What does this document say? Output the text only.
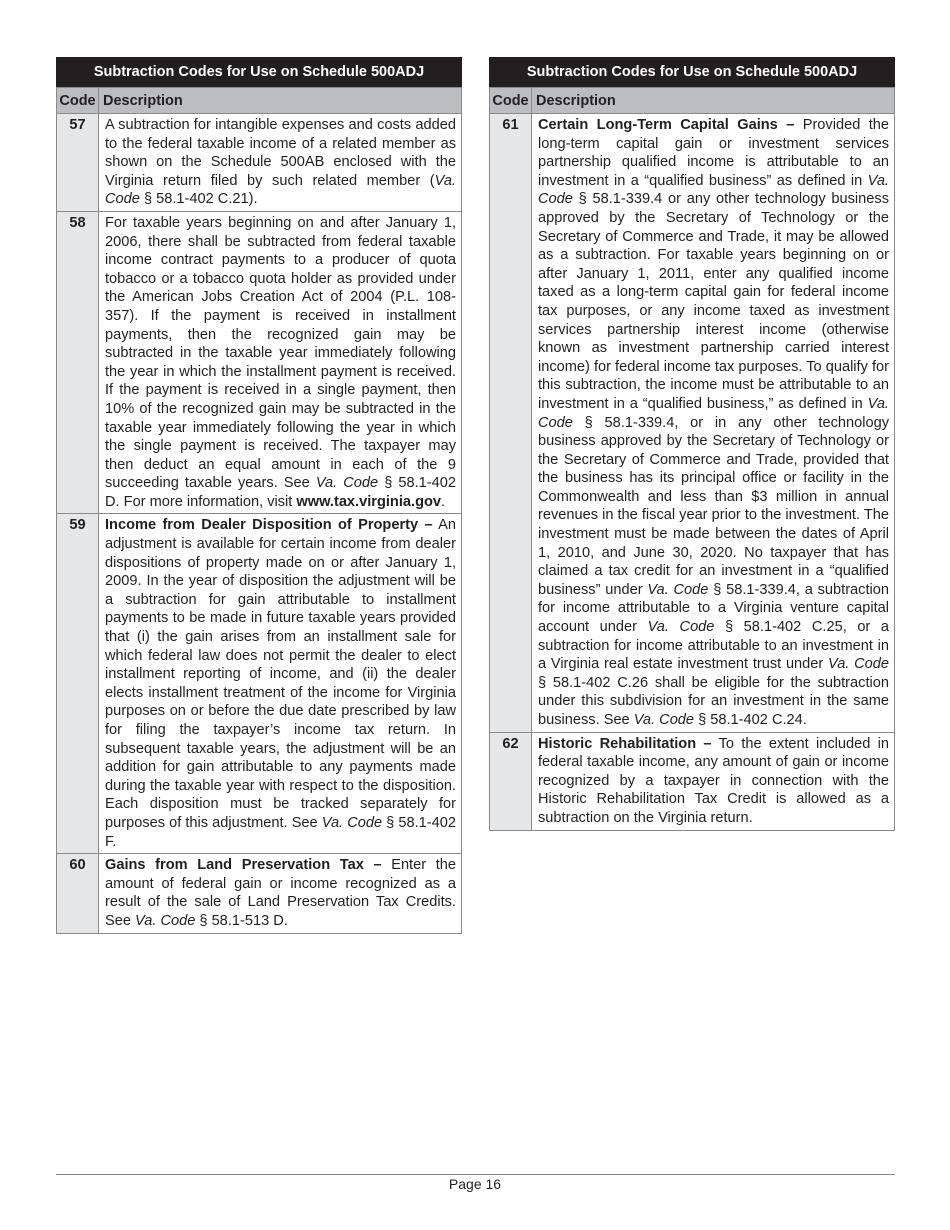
Subtraction Codes for Use on Schedule 500ADJ
Code	Description
57	A subtraction for intangible expenses and costs added to the federal taxable income of a related member as shown on the Schedule 500AB enclosed with the Virginia return filed by such related member (Va. Code § 58.1-402 C.21).
58	For taxable years beginning on and after January 1, 2006, there shall be subtracted from federal taxable income contract payments to a producer of quota tobacco or a tobacco quota holder as provided under the American Jobs Creation Act of 2004 (P.L. 108-357). If the payment is received in installment payments, then the recognized gain may be subtracted in the taxable year immediately following the year in which the installment payment is received. If the payment is received in a single payment, then 10% of the recognized gain may be subtracted in the taxable year immediately following the year in which the single payment is received. The taxpayer may then deduct an equal amount in each of the 9 succeeding taxable years. See Va. Code § 58.1-402 D. For more information, visit www.tax.virginia.gov.
59	Income from Dealer Disposition of Property – An adjustment is available for certain income from dealer dispositions of property made on or after January 1, 2009. In the year of disposition the adjustment will be a subtraction for gain attributable to installment payments to be made in future taxable years provided that (i) the gain arises from an installment sale for which federal law does not permit the dealer to elect installment reporting of income, and (ii) the dealer elects installment treatment of the income for Virginia purposes on or before the due date prescribed by law for filing the taxpayer’s income tax return. In subsequent taxable years, the adjustment will be an addition for gain attributable to any payments made during the taxable year with respect to the disposition. Each disposition must be tracked separately for purposes of this adjustment. See Va. Code § 58.1-402 F.
60	Gains from Land Preservation Tax – Enter the amount of federal gain or income recognized as a result of the sale of Land Preservation Tax Credits. See Va. Code § 58.1-513 D.
Subtraction Codes for Use on Schedule 500ADJ
Code	Description
61	Certain Long-Term Capital Gains – Provided the long-term capital gain or investment services partnership qualified income is attributable to an investment in a “qualified business” as defined in Va. Code § 58.1-339.4 or any other technology business approved by the Secretary of Technology or the Secretary of Commerce and Trade, it may be allowed as a subtraction. For taxable years beginning on or after January 1, 2011, enter any qualified income taxed as a long-term capital gain for federal income tax purposes, or any income taxed as investment services partnership interest income (otherwise known as investment partnership carried interest income) for federal income tax purposes. To qualify for this subtraction, the income must be attributable to an investment in a “qualified business,” as defined in Va. Code § 58.1-339.4, or in any other technology business approved by the Secretary of Technology or the Secretary of Commerce and Trade, provided that the business has its principal office or facility in the Commonwealth and less than $3 million in annual revenues in the fiscal year prior to the investment. The investment must be made between the dates of April 1, 2010, and June 30, 2020. No taxpayer that has claimed a tax credit for an investment in a “qualified business” under Va. Code § 58.1-339.4, a subtraction for income attributable to a Virginia venture capital account under Va. Code § 58.1-402 C.25, or a subtraction for income attributable to an investment in a Virginia real estate investment trust under Va. Code § 58.1-402 C.26 shall be eligible for the subtraction under this subdivision for an investment in the same business. See Va. Code § 58.1-402 C.24.
62	Historic Rehabilitation – To the extent included in federal taxable income, any amount of gain or income recognized by a taxpayer in connection with the Historic Rehabilitation Tax Credit is allowed as a subtraction on the Virginia return.
Page 16
